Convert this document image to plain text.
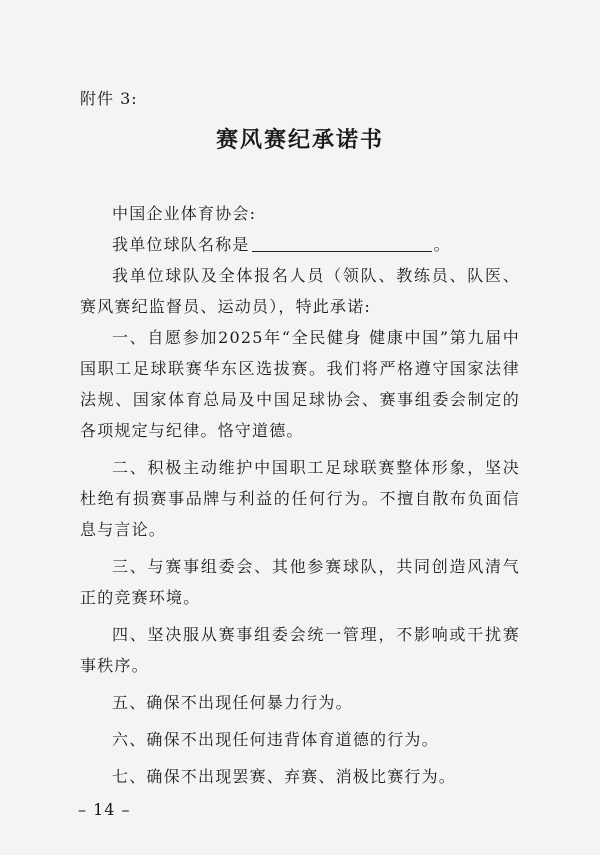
附件 3:
赛风赛纪承诺书

中国企业体育协会:

我单位球队名称是	。

我单位球队及全体报名人员（领队、教练员、队医、赛风赛纪监督员、运动员），特此承诺:

一、自愿参加2025年“全民健身 健康中国”第九届中国职工足球联赛华东区选拔赛。我们将严格遵守国家法律法规、国家体育总局及中国足球协会、赛事组委会制定的各项规定与纪律。恪守道德。

二、积极主动维护中国职工足球联赛整体形象，坚决杜绝有损赛事品牌与利益的任何行为。不擅自散布负面信息与言论。

三、与赛事组委会、其他参赛球队，共同创造风清气正的竞赛环境。

四、坚决服从赛事组委会统一管理，不影响或干扰赛事秩序。

五、确保不出现任何暴力行为。

六、确保不出现任何违背体育道德的行为。

七、确保不出现罢赛、弃赛、消极比赛行为。

– 14 –
